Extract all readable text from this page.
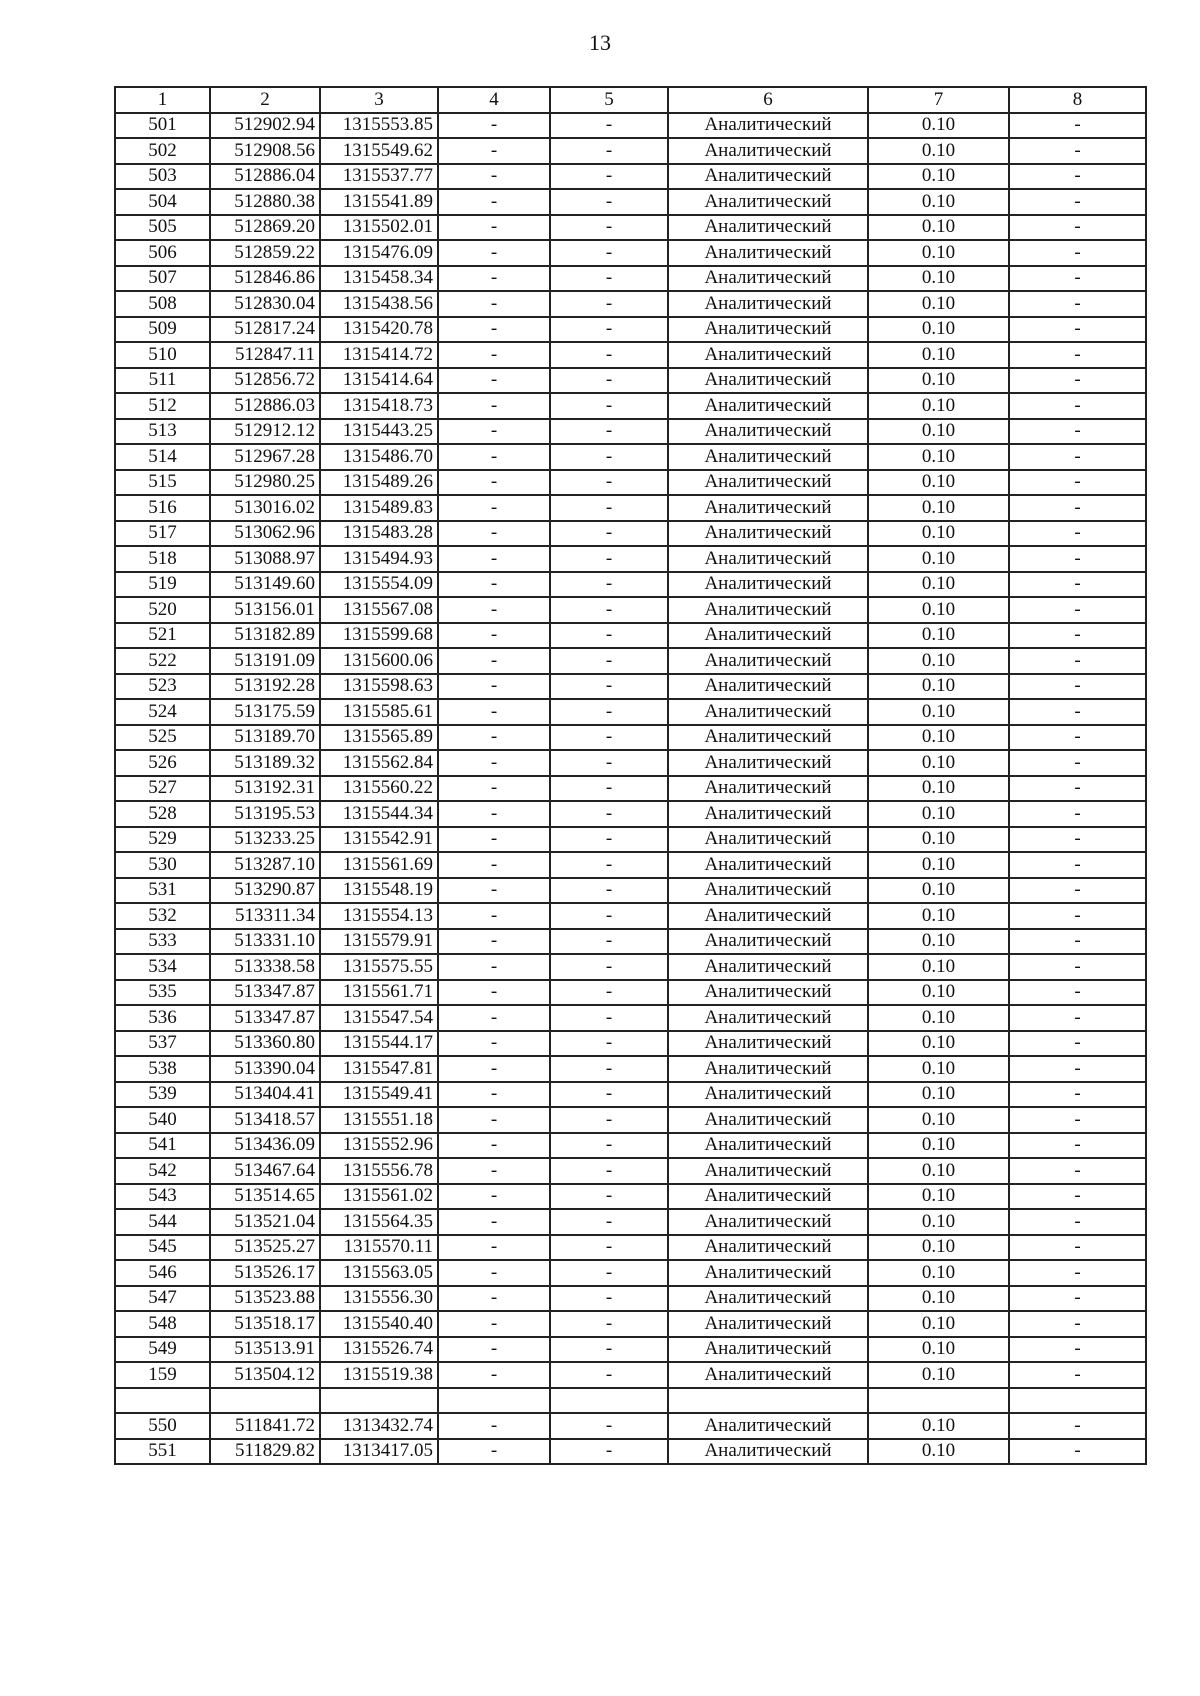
13
1	2	3	4	5	6	7	8
501	512902.94	1315553.85	-	-	Аналитический	0.10	-
502	512908.56	1315549.62	-	-	Аналитический	0.10	-
503	512886.04	1315537.77	-	-	Аналитический	0.10	-
504	512880.38	1315541.89	-	-	Аналитический	0.10	-
505	512869.20	1315502.01	-	-	Аналитический	0.10	-
506	512859.22	1315476.09	-	-	Аналитический	0.10	-
507	512846.86	1315458.34	-	-	Аналитический	0.10	-
508	512830.04	1315438.56	-	-	Аналитический	0.10	-
509	512817.24	1315420.78	-	-	Аналитический	0.10	-
510	512847.11	1315414.72	-	-	Аналитический	0.10	-
511	512856.72	1315414.64	-	-	Аналитический	0.10	-
512	512886.03	1315418.73	-	-	Аналитический	0.10	-
513	512912.12	1315443.25	-	-	Аналитический	0.10	-
514	512967.28	1315486.70	-	-	Аналитический	0.10	-
515	512980.25	1315489.26	-	-	Аналитический	0.10	-
516	513016.02	1315489.83	-	-	Аналитический	0.10	-
517	513062.96	1315483.28	-	-	Аналитический	0.10	-
518	513088.97	1315494.93	-	-	Аналитический	0.10	-
519	513149.60	1315554.09	-	-	Аналитический	0.10	-
520	513156.01	1315567.08	-	-	Аналитический	0.10	-
521	513182.89	1315599.68	-	-	Аналитический	0.10	-
522	513191.09	1315600.06	-	-	Аналитический	0.10	-
523	513192.28	1315598.63	-	-	Аналитический	0.10	-
524	513175.59	1315585.61	-	-	Аналитический	0.10	-
525	513189.70	1315565.89	-	-	Аналитический	0.10	-
526	513189.32	1315562.84	-	-	Аналитический	0.10	-
527	513192.31	1315560.22	-	-	Аналитический	0.10	-
528	513195.53	1315544.34	-	-	Аналитический	0.10	-
529	513233.25	1315542.91	-	-	Аналитический	0.10	-
530	513287.10	1315561.69	-	-	Аналитический	0.10	-
531	513290.87	1315548.19	-	-	Аналитический	0.10	-
532	513311.34	1315554.13	-	-	Аналитический	0.10	-
533	513331.10	1315579.91	-	-	Аналитический	0.10	-
534	513338.58	1315575.55	-	-	Аналитический	0.10	-
535	513347.87	1315561.71	-	-	Аналитический	0.10	-
536	513347.87	1315547.54	-	-	Аналитический	0.10	-
537	513360.80	1315544.17	-	-	Аналитический	0.10	-
538	513390.04	1315547.81	-	-	Аналитический	0.10	-
539	513404.41	1315549.41	-	-	Аналитический	0.10	-
540	513418.57	1315551.18	-	-	Аналитический	0.10	-
541	513436.09	1315552.96	-	-	Аналитический	0.10	-
542	513467.64	1315556.78	-	-	Аналитический	0.10	-
543	513514.65	1315561.02	-	-	Аналитический	0.10	-
544	513521.04	1315564.35	-	-	Аналитический	0.10	-
545	513525.27	1315570.11	-	-	Аналитический	0.10	-
546	513526.17	1315563.05	-	-	Аналитический	0.10	-
547	513523.88	1315556.30	-	-	Аналитический	0.10	-
548	513518.17	1315540.40	-	-	Аналитический	0.10	-
549	513513.91	1315526.74	-	-	Аналитический	0.10	-
159	513504.12	1315519.38	-	-	Аналитический	0.10	-

550	511841.72	1313432.74	-	-	Аналитический	0.10	-
551	511829.82	1313417.05	-	-	Аналитический	0.10	-
